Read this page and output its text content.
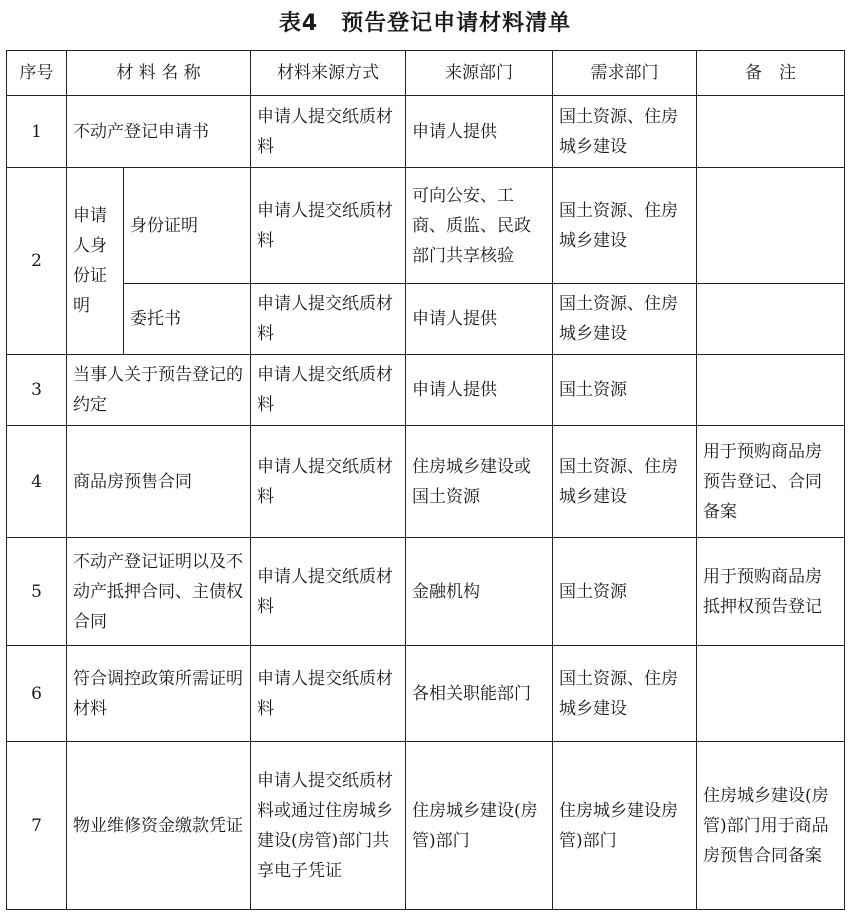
表4　预告登记申请材料清单
序号	材 料 名 称		材料来源方式	来源部门	需求部门	备　注
1	不动产登记申请书		申请人提交纸质材料	申请人提供	国土资源、住房城乡建设	
2	申请人身份证明	身份证明	申请人提交纸质材料	可向公安、工商、质监、民政部门共享核验	国土资源、住房城乡建设	
		委托书	申请人提交纸质材料	申请人提供	国土资源、住房城乡建设	
3	当事人关于预告登记的约定		申请人提交纸质材料	申请人提供	国土资源	
4	商品房预售合同		申请人提交纸质材料	住房城乡建设或国土资源	国土资源、住房城乡建设	用于预购商品房预告登记、合同备案
5	不动产登记证明以及不动产抵押合同、主债权合同		申请人提交纸质材料	金融机构	国土资源	用于预购商品房抵押权预告登记
6	符合调控政策所需证明材料		申请人提交纸质材料	各相关职能部门	国土资源、住房城乡建设	
7	物业维修资金缴款凭证		申请人提交纸质材料或通过住房城乡建设(房管)部门共享电子凭证	住房城乡建设(房管)部门	住房城乡建设房管)部门	住房城乡建设(房管)部门用于商品房预售合同备案
